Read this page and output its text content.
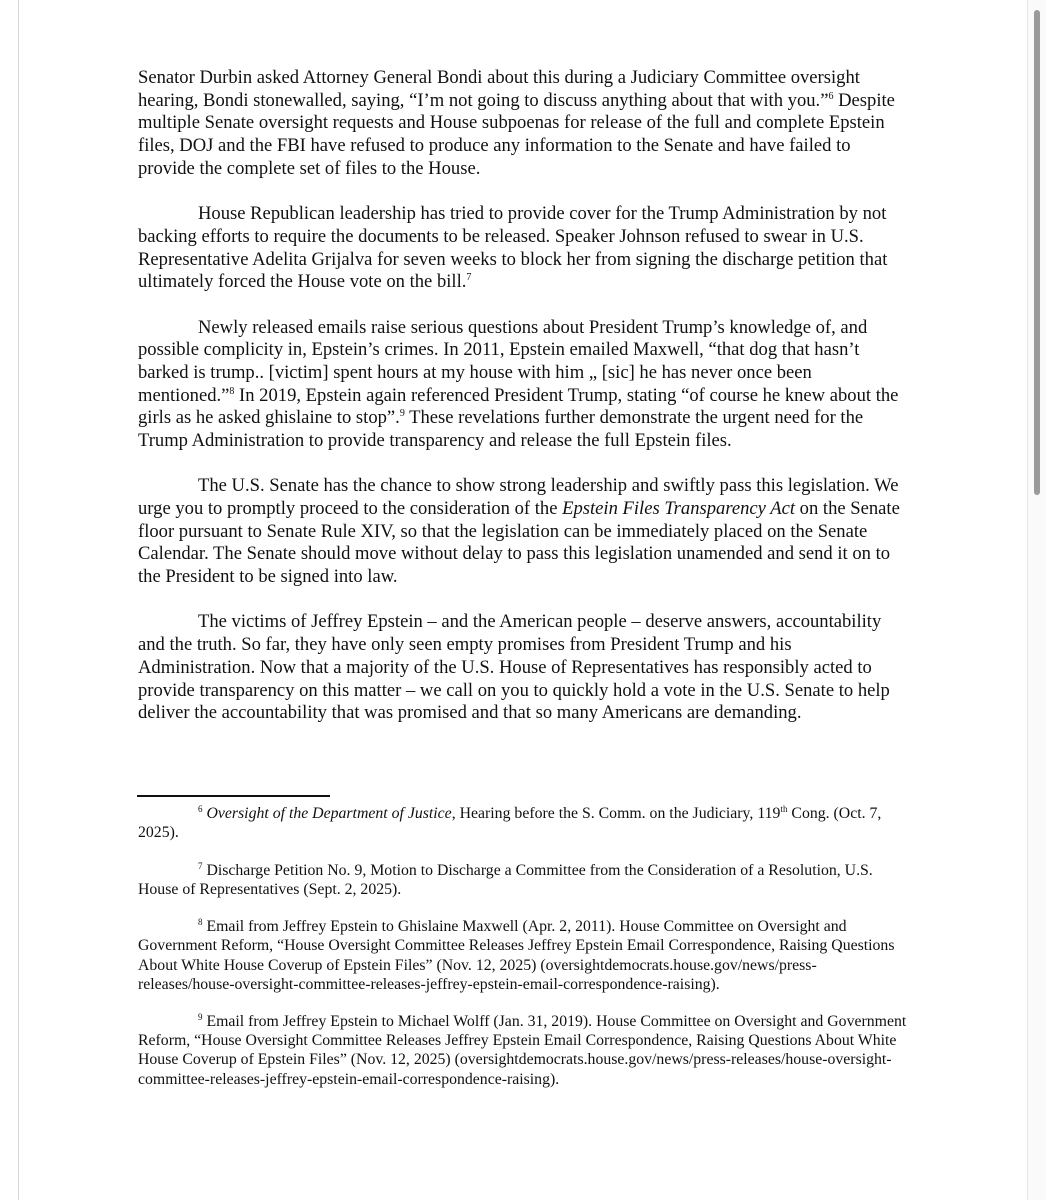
Senator Durbin asked Attorney General Bondi about this during a Judiciary Committee oversight hearing, Bondi stonewalled, saying, “I’m not going to discuss anything about that with you.”$^6$ Despite multiple Senate oversight requests and House subpoenas for release of the full and complete Epstein files, DOJ and the FBI have refused to produce any information to the Senate and have failed to provide the complete set of files to the House.

House Republican leadership has tried to provide cover for the Trump Administration by not backing efforts to require the documents to be released. Speaker Johnson refused to swear in U.S. Representative Adelita Grijalva for seven weeks to block her from signing the discharge petition that ultimately forced the House vote on the bill.$^7$

Newly released emails raise serious questions about President Trump’s knowledge of, and possible complicity in, Epstein’s crimes. In 2011, Epstein emailed Maxwell, “that dog that hasn’t barked is trump.. [victim] spent hours at my house with him „ [sic] he has never once been mentioned.”$^8$ In 2019, Epstein again referenced President Trump, stating “of course he knew about the girls as he asked ghislaine to stop”.$^9$ These revelations further demonstrate the urgent need for the Trump Administration to provide transparency and release the full Epstein files.

The U.S. Senate has the chance to show strong leadership and swiftly pass this legislation. We urge you to promptly proceed to the consideration of the Epstein Files Transparency Act on the Senate floor pursuant to Senate Rule XIV, so that the legislation can be immediately placed on the Senate Calendar. The Senate should move without delay to pass this legislation unamended and send it on to the President to be signed into law.

The victims of Jeffrey Epstein – and the American people – deserve answers, accountability and the truth. So far, they have only seen empty promises from President Trump and his Administration. Now that a majority of the U.S. House of Representatives has responsibly acted to provide transparency on this matter – we call on you to quickly hold a vote in the U.S. Senate to help deliver the accountability that was promised and that so many Americans are demanding.

$^6$ Oversight of the Department of Justice, Hearing before the S. Comm. on the Judiciary, 119th Cong. (Oct. 7, 2025).

$^7$ Discharge Petition No. 9, Motion to Discharge a Committee from the Consideration of a Resolution, U.S. House of Representatives (Sept. 2, 2025).

$^8$ Email from Jeffrey Epstein to Ghislaine Maxwell (Apr. 2, 2011). House Committee on Oversight and Government Reform, “House Oversight Committee Releases Jeffrey Epstein Email Correspondence, Raising Questions About White House Coverup of Epstein Files” (Nov. 12, 2025) (oversightdemocrats.house.gov/news/press-releases/house-oversight-committee-releases-jeffrey-epstein-email-correspondence-raising).

$^9$ Email from Jeffrey Epstein to Michael Wolff (Jan. 31, 2019). House Committee on Oversight and Government Reform, “House Oversight Committee Releases Jeffrey Epstein Email Correspondence, Raising Questions About White House Coverup of Epstein Files” (Nov. 12, 2025) (oversightdemocrats.house.gov/news/press-releases/house-oversight-committee-releases-jeffrey-epstein-email-correspondence-raising).
